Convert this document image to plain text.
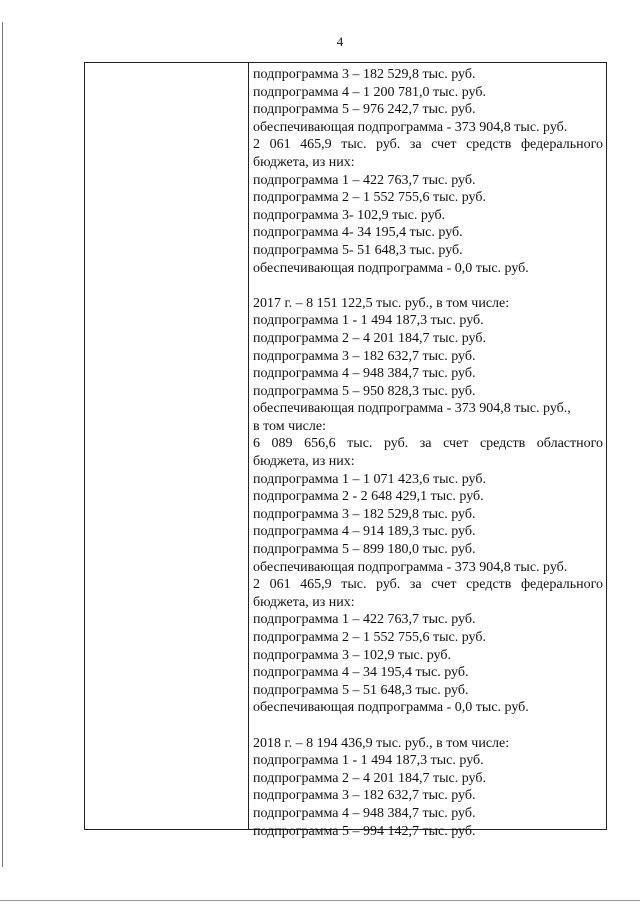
4
подпрограмма 3 – 182 529,8 тыс. руб.
подпрограмма 4 – 1 200 781,0 тыс. руб.
подпрограмма 5 – 976 242,7 тыс. руб.
обеспечивающая подпрограмма - 373 904,8 тыс. руб.
2 061 465,9 тыс. руб. за счет средств федерального
бюджета, из них:
подпрограмма 1 – 422 763,7 тыс. руб.
подпрограмма 2 – 1 552 755,6 тыс. руб.
подпрограмма 3- 102,9 тыс. руб.
подпрограмма 4- 34 195,4 тыс. руб.
подпрограмма 5- 51 648,3 тыс. руб.
обеспечивающая подпрограмма - 0,0 тыс. руб.
2017 г. – 8 151 122,5 тыс. руб., в том числе:
подпрограмма 1 - 1 494 187,3 тыс. руб.
подпрограмма 2 – 4 201 184,7 тыс. руб.
подпрограмма 3 – 182 632,7 тыс. руб.
подпрограмма 4 – 948 384,7 тыс. руб.
подпрограмма 5 – 950 828,3 тыс. руб.
обеспечивающая подпрограмма - 373 904,8 тыс. руб.,
в том числе:
6 089 656,6 тыс. руб. за счет средств областного
бюджета, из них:
подпрограмма 1 – 1 071 423,6 тыс. руб.
подпрограмма 2 - 2 648 429,1 тыс. руб.
подпрограмма 3 – 182 529,8 тыс. руб.
подпрограмма 4 – 914 189,3 тыс. руб.
подпрограмма 5 – 899 180,0 тыс. руб.
обеспечивающая подпрограмма - 373 904,8 тыс. руб.
2 061 465,9 тыс. руб. за счет средств федерального
бюджета, из них:
подпрограмма 1 – 422 763,7 тыс. руб.
подпрограмма 2 – 1 552 755,6 тыс. руб.
подпрограмма 3 – 102,9 тыс. руб.
подпрограмма 4 – 34 195,4 тыс. руб.
подпрограмма 5 – 51 648,3 тыс. руб.
обеспечивающая подпрограмма - 0,0 тыс. руб.
2018 г. – 8 194 436,9 тыс. руб., в том числе:
подпрограмма 1 - 1 494 187,3 тыс. руб.
подпрограмма 2 – 4 201 184,7 тыс. руб.
подпрограмма 3 – 182 632,7 тыс. руб.
подпрограмма 4 – 948 384,7 тыс. руб.
подпрограмма 5 – 994 142,7 тыс. руб.
